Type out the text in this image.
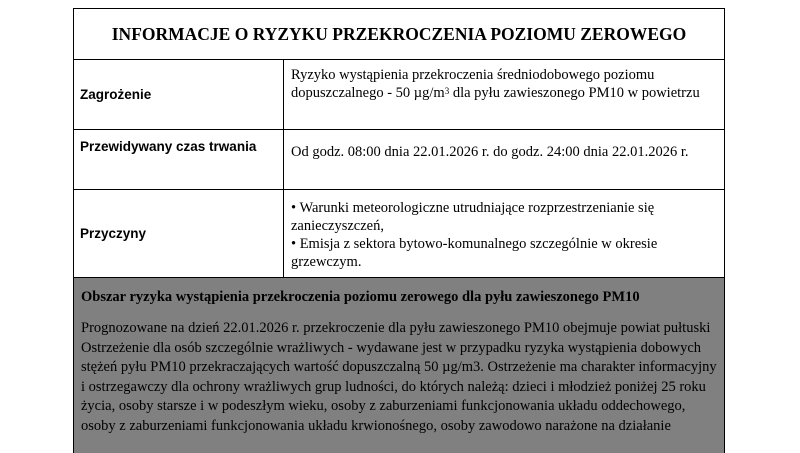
INFORMACJE O RYZYKU PRZEKROCZENIA POZIOMU ZEROWEGO
Zagrożenie
Ryzyko wystąpienia przekroczenia średniodobowego poziomu dopuszczalnego - 50 $\mu g/m^3$ dla pyłu zawieszonego PM10 w powietrzu
Przewidywany czas trwania	Od godz. 08:00 dnia 22.01.2026 r. do godz. 24:00 dnia 22.01.2026 r.
Przyczyny
• Warunki meteorologiczne utrudniające rozprzestrzenianie się zanieczyszczeń,
• Emisja z sektora bytowo-komunalnego szczególnie w okresie grzewczym.
Obszar ryzyka wystąpienia przekroczenia poziomu zerowego dla pyłu zawieszonego PM10
Prognozowane na dzień 22.01.2026 r. przekroczenie dla pyłu zawieszonego PM10 obejmuje powiat pułtuski Ostrzeżenie dla osób szczególnie wrażliwych - wydawane jest w przypadku ryzyka wystąpienia dobowych stężeń pyłu PM10 przekraczających wartość dopuszczalną 50 µg/m3. Ostrzeżenie ma charakter informacyjny i ostrzegawczy dla ochrony wrażliwych grup ludności, do których należą: dzieci i młodzież poniżej 25 roku życia, osoby starsze i w podeszłym wieku, osoby z zaburzeniami funkcjonowania układu oddechowego, osoby z zaburzeniami funkcjonowania układu krwionośnego, osoby zawodowo narażone na działanie
